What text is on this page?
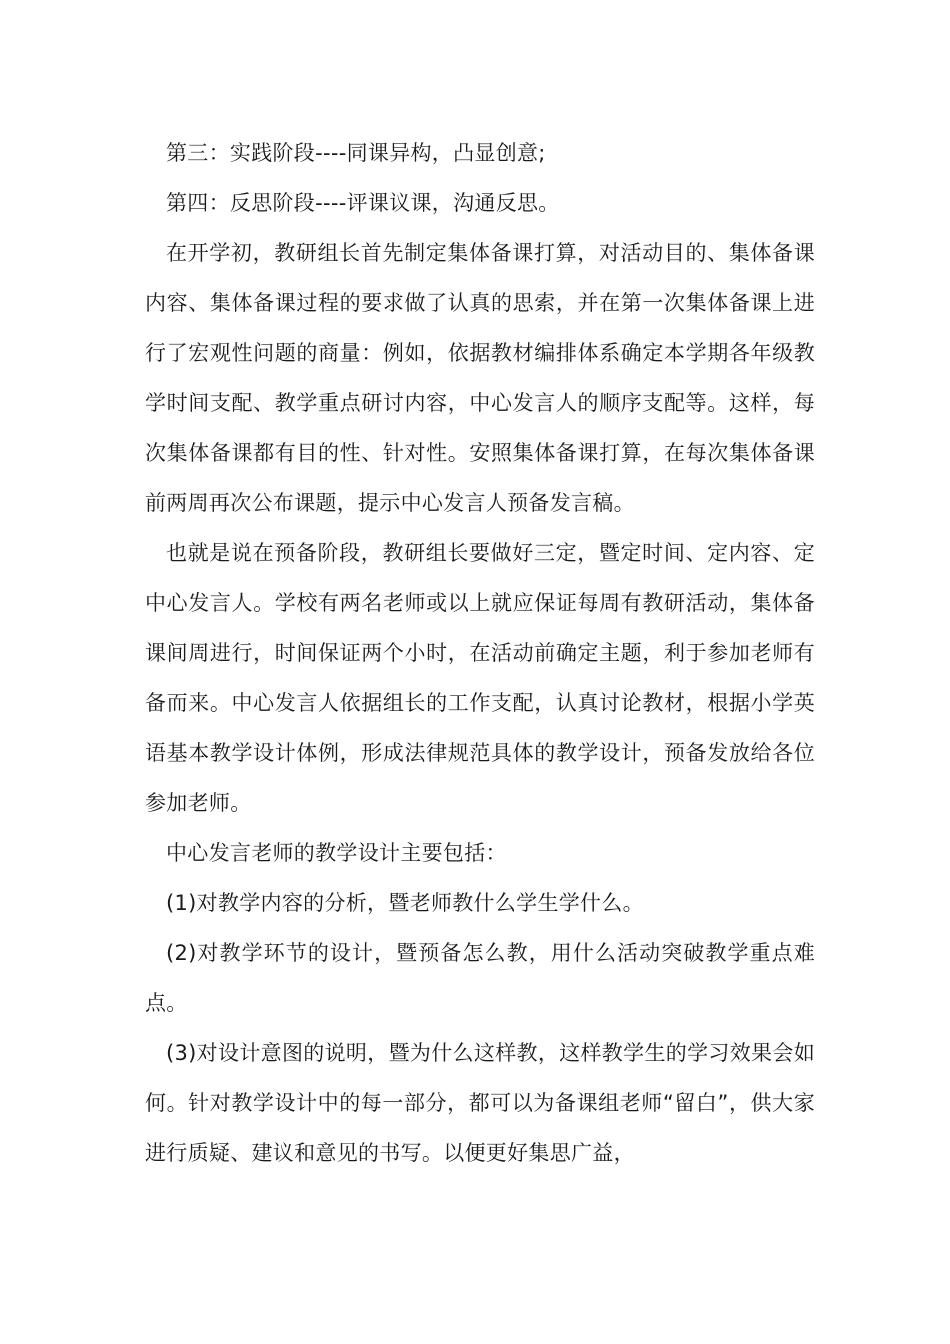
第三：实践阶段----同课异构，凸显创意;

第四：反思阶段----评课议课，沟通反思。

在开学初，教研组长首先制定集体备课打算，对活动目的、集体备课内容、集体备课过程的要求做了认真的思索，并在第一次集体备课上进行了宏观性问题的商量：例如，依据教材编排体系确定本学期各年级教学时间支配、教学重点研讨内容，中心发言人的顺序支配等。这样，每次集体备课都有目的性、针对性。安照集体备课打算，在每次集体备课前两周再次公布课题，提示中心发言人预备发言稿。

也就是说在预备阶段，教研组长要做好三定，暨定时间、定内容、定中心发言人。学校有两名老师或以上就应保证每周有教研活动，集体备课间周进行，时间保证两个小时，在活动前确定主题，利于参加老师有备而来。中心发言人依据组长的工作支配，认真讨论教材，根据小学英语基本教学设计体例，形成法律规范具体的教学设计，预备发放给各位参加老师。

中心发言老师的教学设计主要包括：

(1)对教学内容的分析，暨老师教什么学生学什么。

(2)对教学环节的设计，暨预备怎么教，用什么活动突破教学重点难点。

(3)对设计意图的说明，暨为什么这样教，这样教学生的学习效果会如何。针对教学设计中的每一部分，都可以为备课组老师“留白”，供大家进行质疑、建议和意见的书写。以便更好集思广益，
